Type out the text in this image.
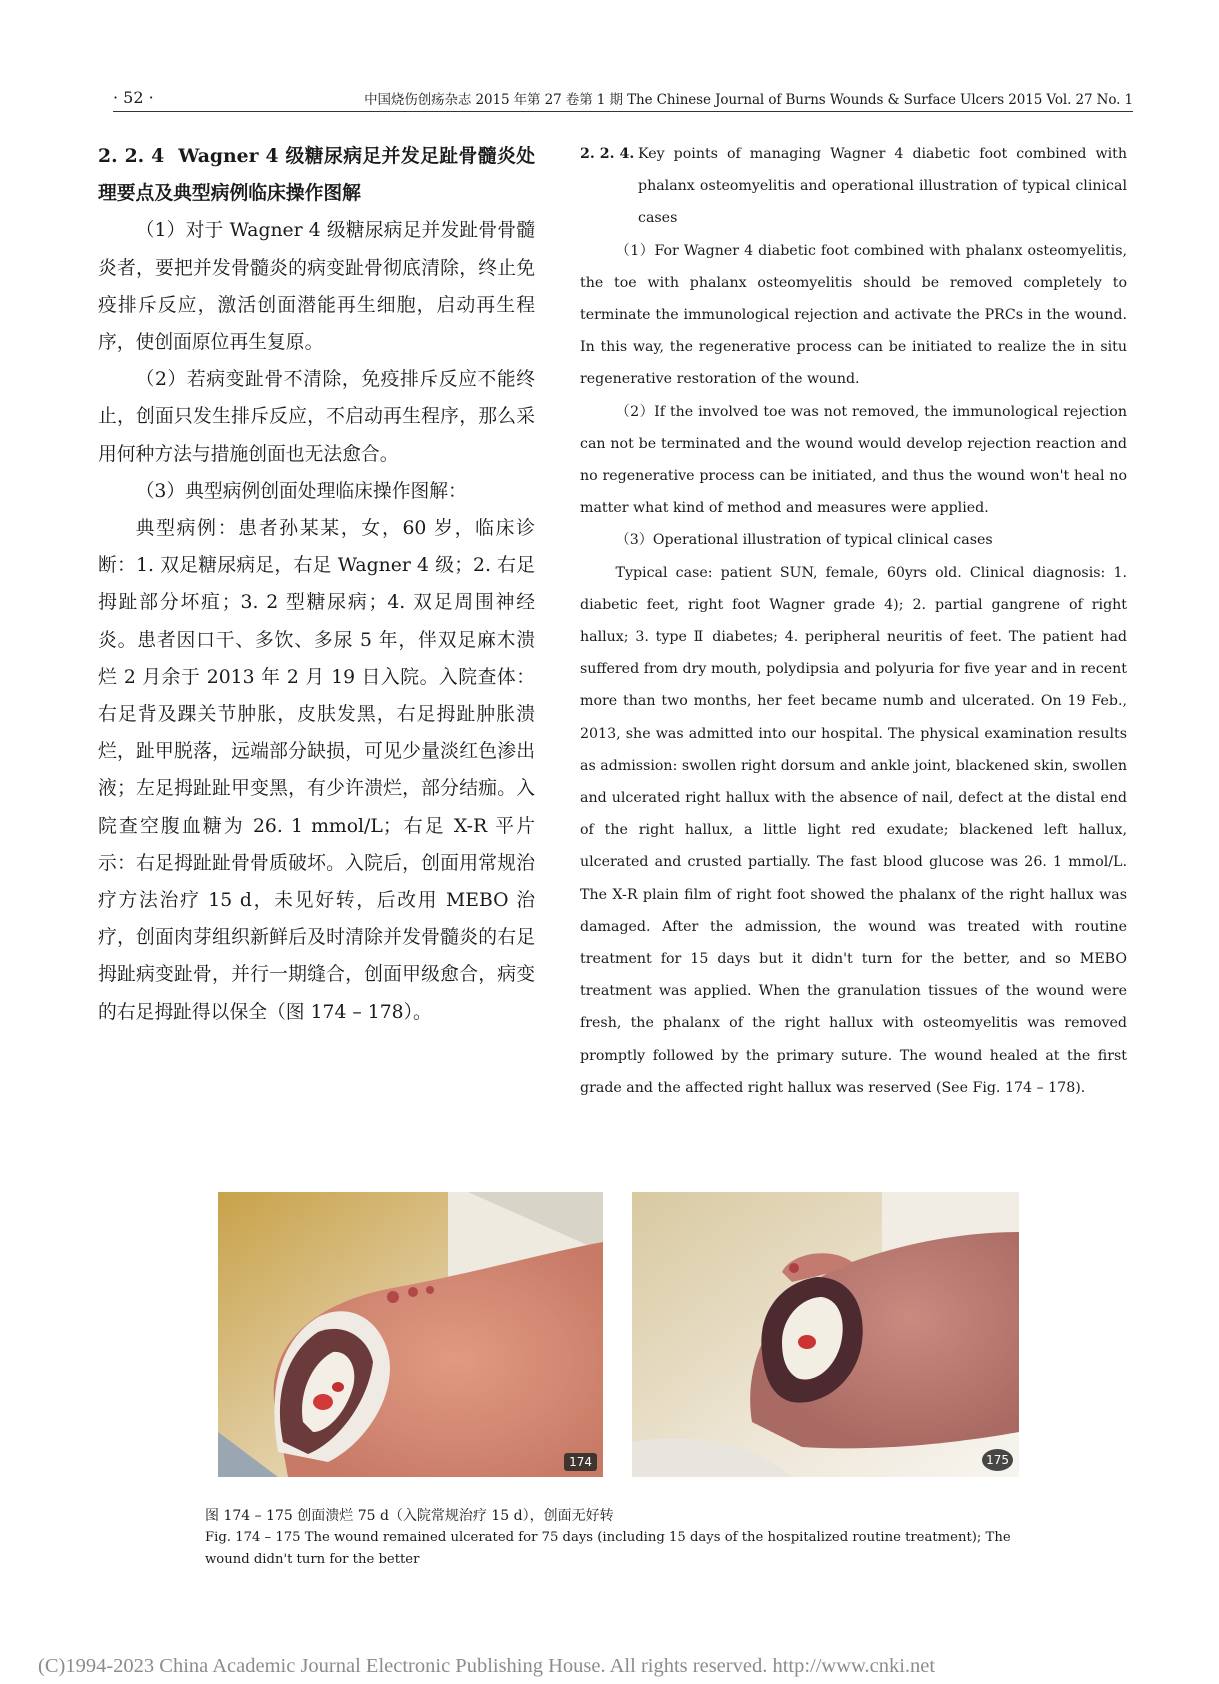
· 52 ·	中国烧伤创疡杂志 2015 年第 27 卷第 1 期 The Chinese Journal of Burns Wounds & Surface Ulcers 2015 Vol. 27 No. 1

2. 2. 4 Wagner 4 级糖尿病足并发足趾骨髓炎处理要点及典型病例临床操作图解

（1）对于 Wagner 4 级糖尿病足并发趾骨骨髓炎者，要把并发骨髓炎的病变趾骨彻底清除，终止免疫排斥反应，激活创面潜能再生细胞，启动再生程序，使创面原位再生复原。

（2）若病变趾骨不清除，免疫排斥反应不能终止，创面只发生排斥反应，不启动再生程序，那么采用何种方法与措施创面也无法愈合。

（3）典型病例创面处理临床操作图解：

典型病例：患者孙某某，女，60 岁，临床诊断：1. 双足糖尿病足，右足 Wagner 4 级；2. 右足拇趾部分坏疽；3. 2 型糖尿病；4. 双足周围神经炎。患者因口干、多饮、多尿 5 年，伴双足麻木溃烂 2 月余于 2013 年 2 月 19 日入院。入院查体：右足背及踝关节肿胀，皮肤发黑，右足拇趾肿胀溃烂，趾甲脱落，远端部分缺损，可见少量淡红色渗出液；左足拇趾趾甲变黑，有少许溃烂，部分结痂。入院查空腹血糖为 26. 1 mmol/L；右足 X-R 平片示：右足拇趾趾骨骨质破坏。入院后，创面用常规治疗方法治疗 15 d，未见好转，后改用 MEBO 治疗，创面肉芽组织新鲜后及时清除并发骨髓炎的右足拇趾病变趾骨，并行一期缝合，创面甲级愈合，病变的右足拇趾得以保全（图 174 – 178）。

2. 2. 4. Key points of managing Wagner 4 diabetic foot combined with phalanx osteomyelitis and operational illustration of typical clinical cases

（1）For Wagner 4 diabetic foot combined with phalanx osteomyelitis, the toe with phalanx osteomyelitis should be removed completely to terminate the immunological rejection and activate the PRCs in the wound. In this way, the regenerative process can be initiated to realize the in situ regenerative restoration of the wound.

（2）If the involved toe was not removed, the immunological rejection can not be terminated and the wound would develop rejection reaction and no regenerative process can be initiated, and thus the wound won't heal no matter what kind of method and measures were applied.

（3）Operational illustration of typical clinical cases

Typical case: patient SUN, female, 60yrs old. Clinical diagnosis: 1. diabetic feet, right foot Wagner grade 4); 2. partial gangrene of right hallux; 3. type Ⅱ diabetes; 4. peripheral neuritis of feet. The patient had suffered from dry mouth, polydipsia and polyuria for five year and in recent more than two months, her feet became numb and ulcerated. On 19 Feb., 2013, she was admitted into our hospital. The physical examination results as admission: swollen right dorsum and ankle joint, blackened skin, swollen and ulcerated right hallux with the absence of nail, defect at the distal end of the right hallux, a little light red exudate; blackened left hallux, ulcerated and crusted partially. The fast blood glucose was 26. 1 mmol/L. The X-R plain film of right foot showed the phalanx of the right hallux was damaged. After the admission, the wound was treated with routine treatment for 15 days but it didn't turn for the better, and so MEBO treatment was applied. When the granulation tissues of the wound were fresh, the phalanx of the right hallux with osteomyelitis was removed promptly followed by the primary suture. The wound healed at the first grade and the affected right hallux was reserved (See Fig. 174 – 178).

174	175

图 174 – 175 创面溃烂 75 d（入院常规治疗 15 d），创面无好转

Fig. 174 – 175 The wound remained ulcerated for 75 days (including 15 days of the hospitalized routine treatment); The wound didn't turn for the better

(C)1994-2023 China Academic Journal Electronic Publishing House. All rights reserved. http://www.cnki.net
